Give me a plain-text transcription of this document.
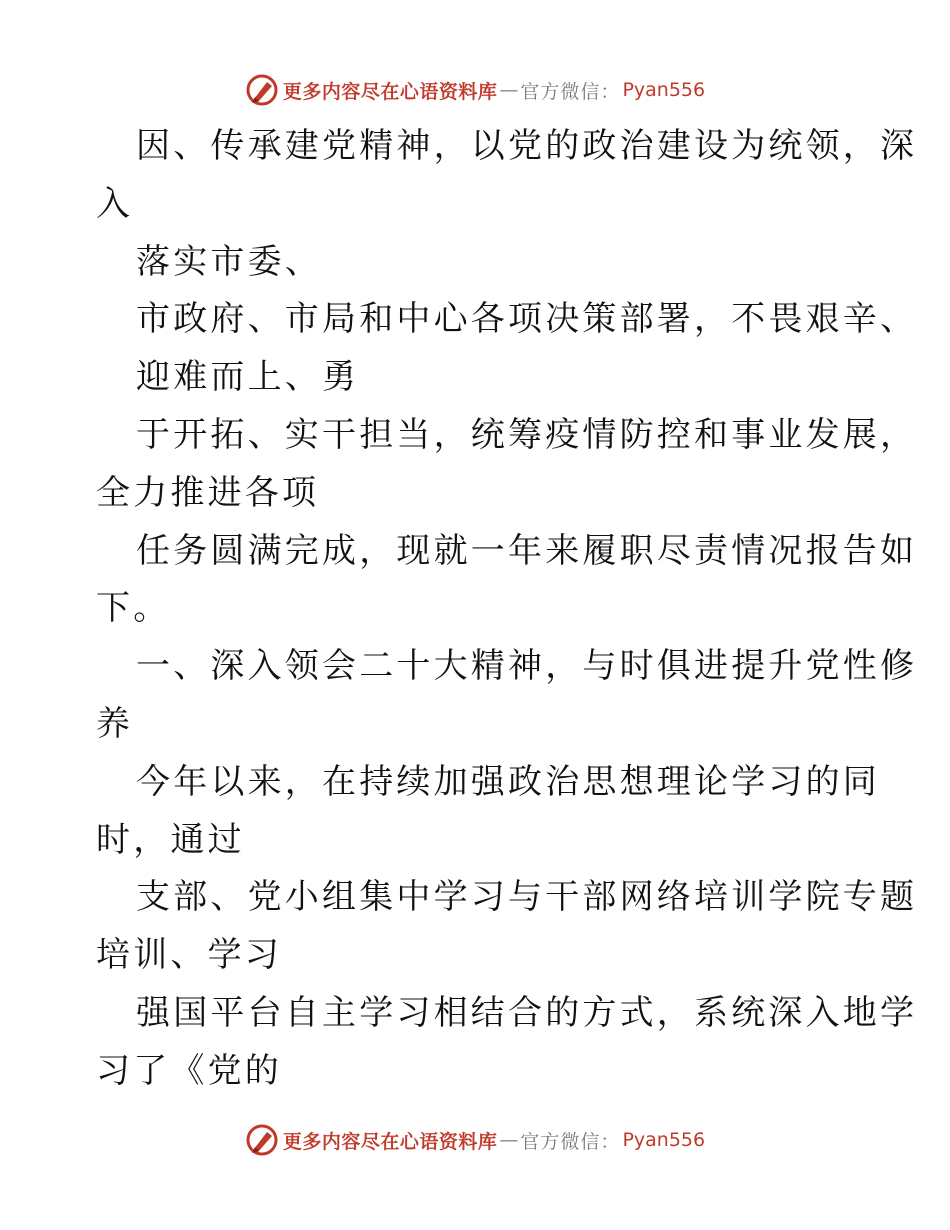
更多内容尽在心语资料库 — 官方微信： Pyan556
因、传承建党精神，以党的政治建设为统领，深
入
落实市委、
市政府、市局和中心各项决策部署，不畏艰辛、
迎难而上、勇
于开拓、实干担当，统筹疫情防控和事业发展，
全力推进各项
任务圆满完成，现就一年来履职尽责情况报告如
下。
一、深入领会二十大精神，与时俱进提升党性修
养
今年以来，在持续加强政治思想理论学习的同
时，通过
支部、党小组集中学习与干部网络培训学院专题
培训、学习
强国平台自主学习相结合的方式，系统深入地学
习了《党的
更多内容尽在心语资料库 — 官方微信： Pyan556
